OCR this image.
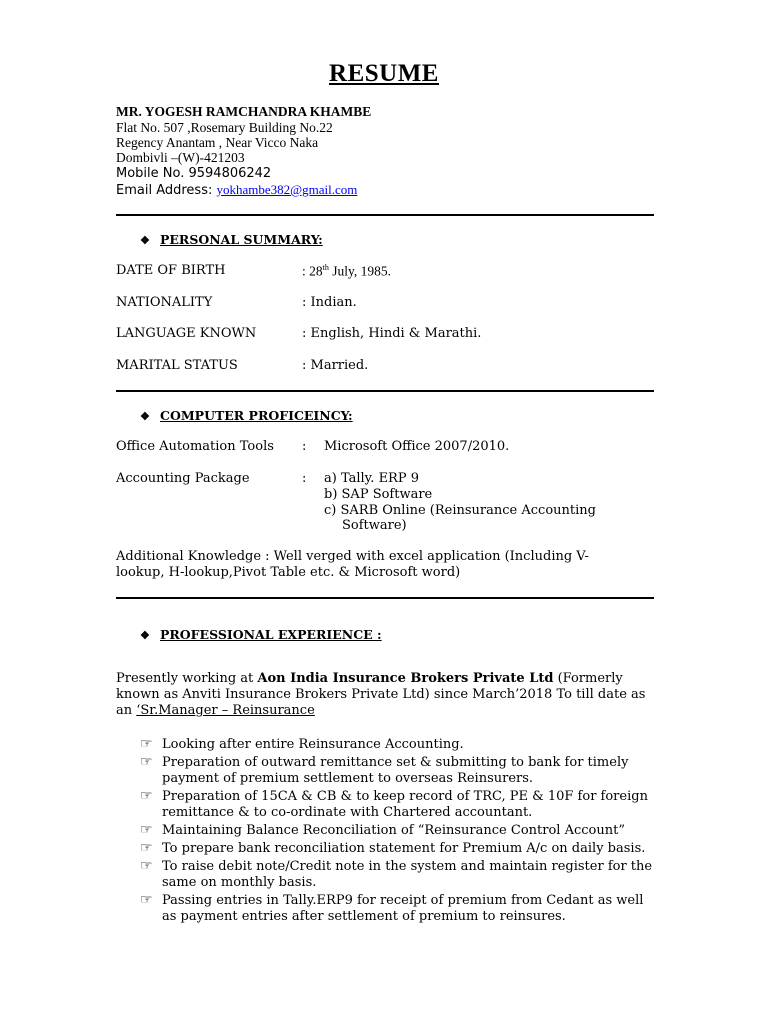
RESUME
MR. YOGESH RAMCHANDRA KHAMBE
Flat No. 507 ,Rosemary Building No.22
Regency Anantam , Near Vicco Naka
Dombivli –(W)-421203
Mobile No. 9594806242
Email Address: yokhambe382@gmail.com
❖ PERSONAL SUMMARY:
DATE OF BIRTH	: 28th July, 1985.
NATIONALITY	: Indian.
LANGUAGE KNOWN	: English, Hindi & Marathi.
MARITAL STATUS	: Married.
❖ COMPUTER PROFICEINCY:
Office Automation Tools : Microsoft Office 2007/2010.
Accounting Package	: a) Tally. ERP 9
b) SAP Software
c) SARB Online (Reinsurance Accounting
Software)
Additional Knowledge : Well verged with excel application (Including V-
lookup, H-lookup,Pivot Table etc. & Microsoft word)
❖ PROFESSIONAL EXPERIENCE :
Presently working at Aon India Insurance Brokers Private Ltd (Formerly known as Anviti Insurance Brokers Private Ltd) since March’2018 To till date as an ‘Sr.Manager – Reinsurance
☞ Looking after entire Reinsurance Accounting.
☞ Preparation of outward remittance set & submitting to bank for timely payment of premium settlement to overseas Reinsurers.
☞ Preparation of 15CA & CB & to keep record of TRC, PE & 10F for foreign remittance & to co-ordinate with Chartered accountant.
☞ Maintaining Balance Reconciliation of “Reinsurance Control Account”
☞ To prepare bank reconciliation statement for Premium A/c on daily basis.
☞ To raise debit note/Credit note in the system and maintain register for the same on monthly basis.
☞ Passing entries in Tally.ERP9 for receipt of premium from Cedant as well as payment entries after settlement of premium to reinsures.
